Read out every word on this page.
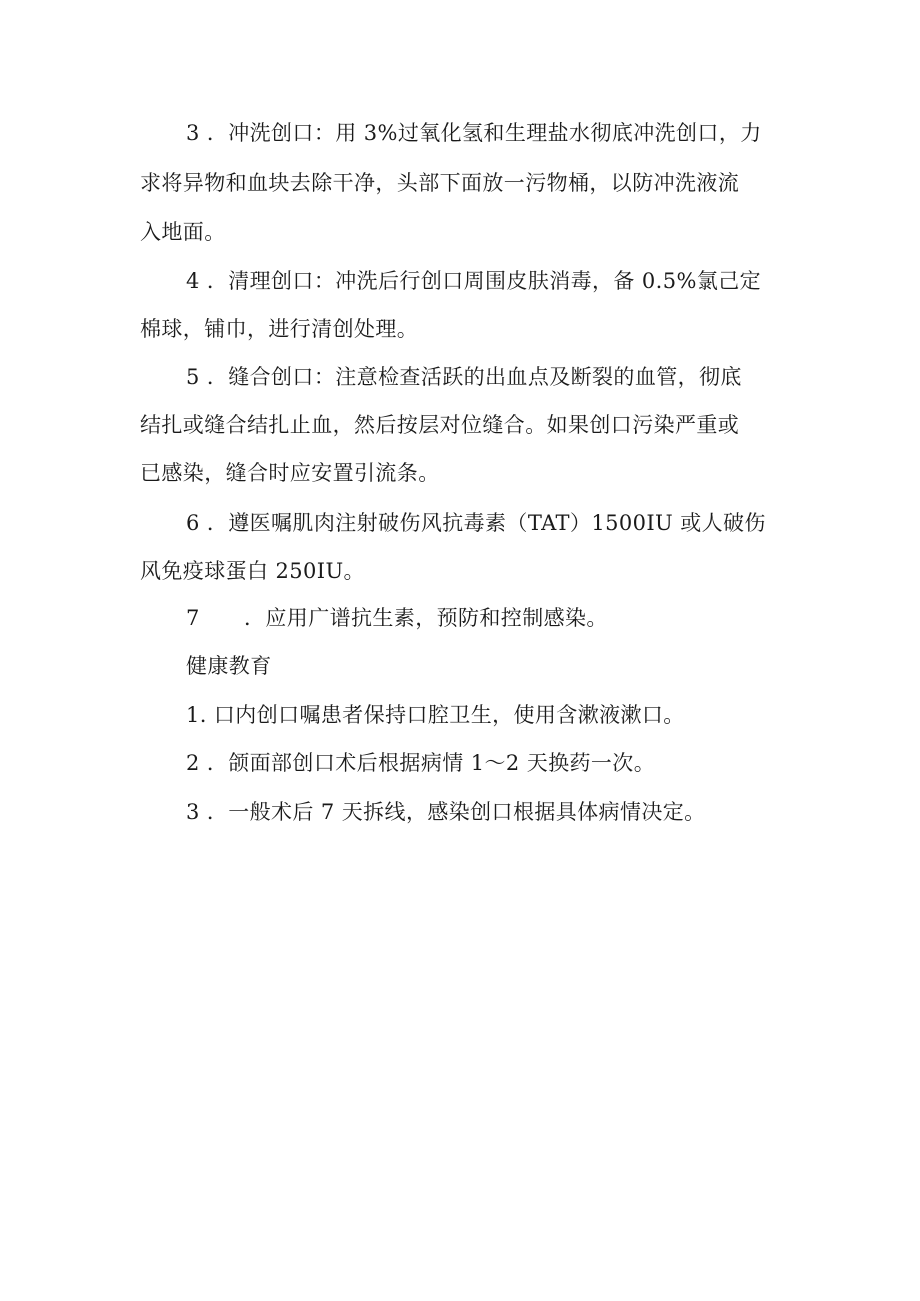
3 ．冲洗创口：用 3%过氧化氢和生理盐水彻底冲洗创口，力
求将异物和血块去除干净，头部下面放一污物桶，以防冲洗液流
入地面。
4 ．清理创口：冲洗后行创口周围皮肤消毒，备 0.5%氯己定
棉球，铺巾，进行清创处理。
5 ．缝合创口：注意检查活跃的出血点及断裂的血管，彻底
结扎或缝合结扎止血，然后按层对位缝合。如果创口污染严重或
已感染，缝合时应安置引流条。
6 ．遵医嘱肌肉注射破伤风抗毒素（TAT）1500IU 或人破伤
风免疫球蛋白 250IU。
7 ．应用广谱抗生素，预防和控制感染。
健康教育
1. 口内创口嘱患者保持口腔卫生，使用含漱液漱口。
2 ．颌面部创口术后根据病情 1～2 天换药一次。
3 ．一般术后 7 天拆线，感染创口根据具体病情决定。
